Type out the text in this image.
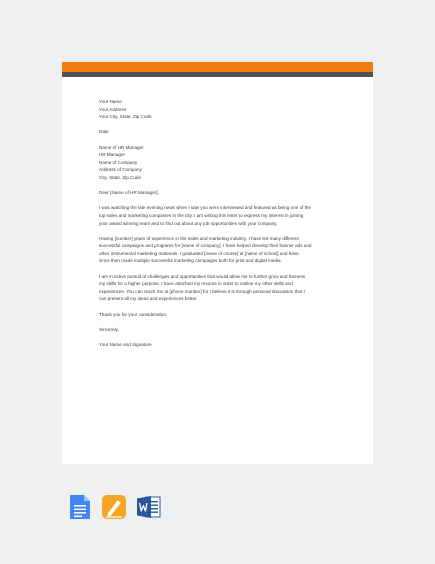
Your Name
Your Address
Your City, State, Zip Code
Date
Name of HR Manager
HR Manager
Name of Company
Address of Company
City, State, Zip Code
Dear [Name of HR Manager],
I was watching the late evening news when I saw you were interviewed and featured as being one of the
top sales and marketing companies in the city. I am writing this letter to express my interest in joining
your award winning team and to find out about any job opportunities with your company.
Having [number] years of experience in the sales and marketing industry, I have led many different
successful campaigns and programs for [name of company]. I have helped develop their banner ads and
other instrumental marketing materials. I graduated [name of course] at [name of school] and have
since then made multiple successful marketing campaigns both for print and digital media.
I am in active pursuit of challenges and opportunities that would allow me to further grow and harness
my skills for a higher purpose. I have attached my resume in order to outline my other skills and
experiences. You can reach me at [phone number] for I believe it is through personal discussion that I
can present all my ideas and experiences better.
Thank you for your consideration.
Sincerely,
Your Name and Signature
